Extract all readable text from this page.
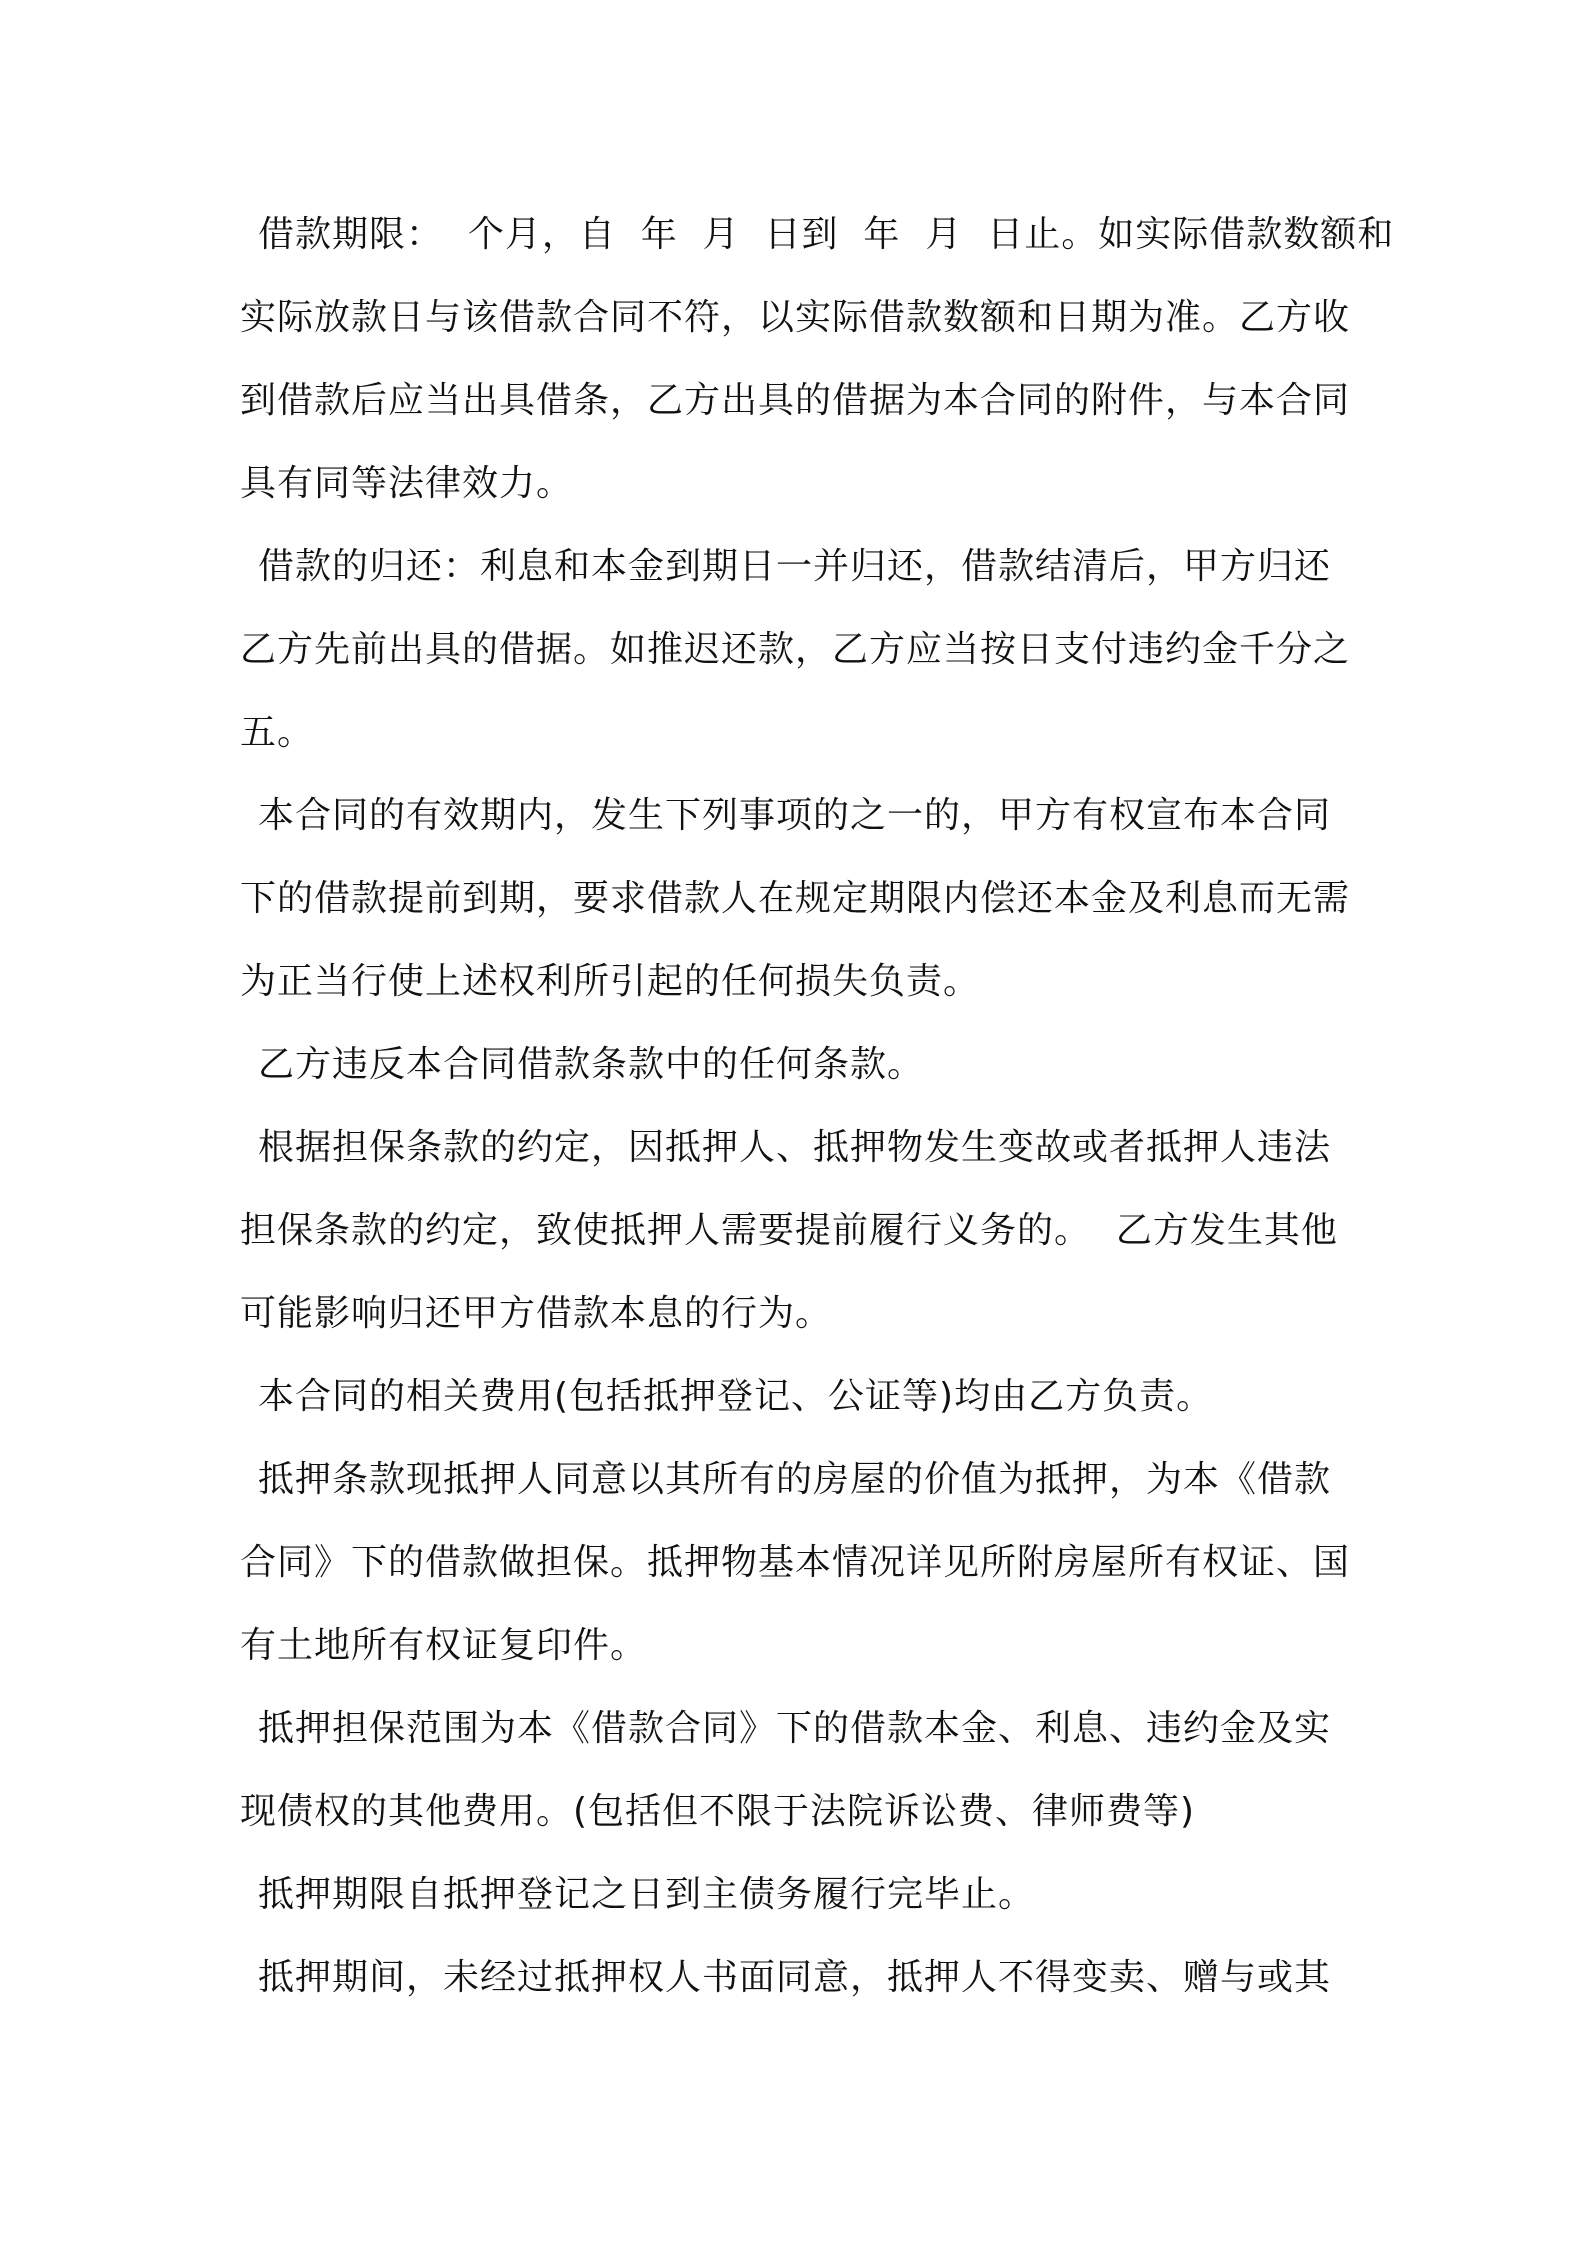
借款期限：  个月，自  年  月  日到  年  月  日止。如实际借款数额和
实际放款日与该借款合同不符，以实际借款数额和日期为准。乙方收
到借款后应当出具借条，乙方出具的借据为本合同的附件，与本合同
具有同等法律效力。
借款的归还：利息和本金到期日一并归还，借款结清后，甲方归还
乙方先前出具的借据。如推迟还款，乙方应当按日支付违约金千分之
五。
本合同的有效期内，发生下列事项的之一的，甲方有权宣布本合同
下的借款提前到期，要求借款人在规定期限内偿还本金及利息而无需
为正当行使上述权利所引起的任何损失负责。
乙方违反本合同借款条款中的任何条款。
根据担保条款的约定，因抵押人、抵押物发生变故或者抵押人违法
担保条款的约定，致使抵押人需要提前履行义务的。  乙方发生其他
可能影响归还甲方借款本息的行为。
本合同的相关费用(包括抵押登记、公证等)均由乙方负责。
抵押条款现抵押人同意以其所有的房屋的价值为抵押，为本《借款
合同》下的借款做担保。抵押物基本情况详见所附房屋所有权证、国
有土地所有权证复印件。
抵押担保范围为本《借款合同》下的借款本金、利息、违约金及实
现债权的其他费用。(包括但不限于法院诉讼费、律师费等)
抵押期限自抵押登记之日到主债务履行完毕止。
抵押期间，未经过抵押权人书面同意，抵押人不得变卖、赠与或其
